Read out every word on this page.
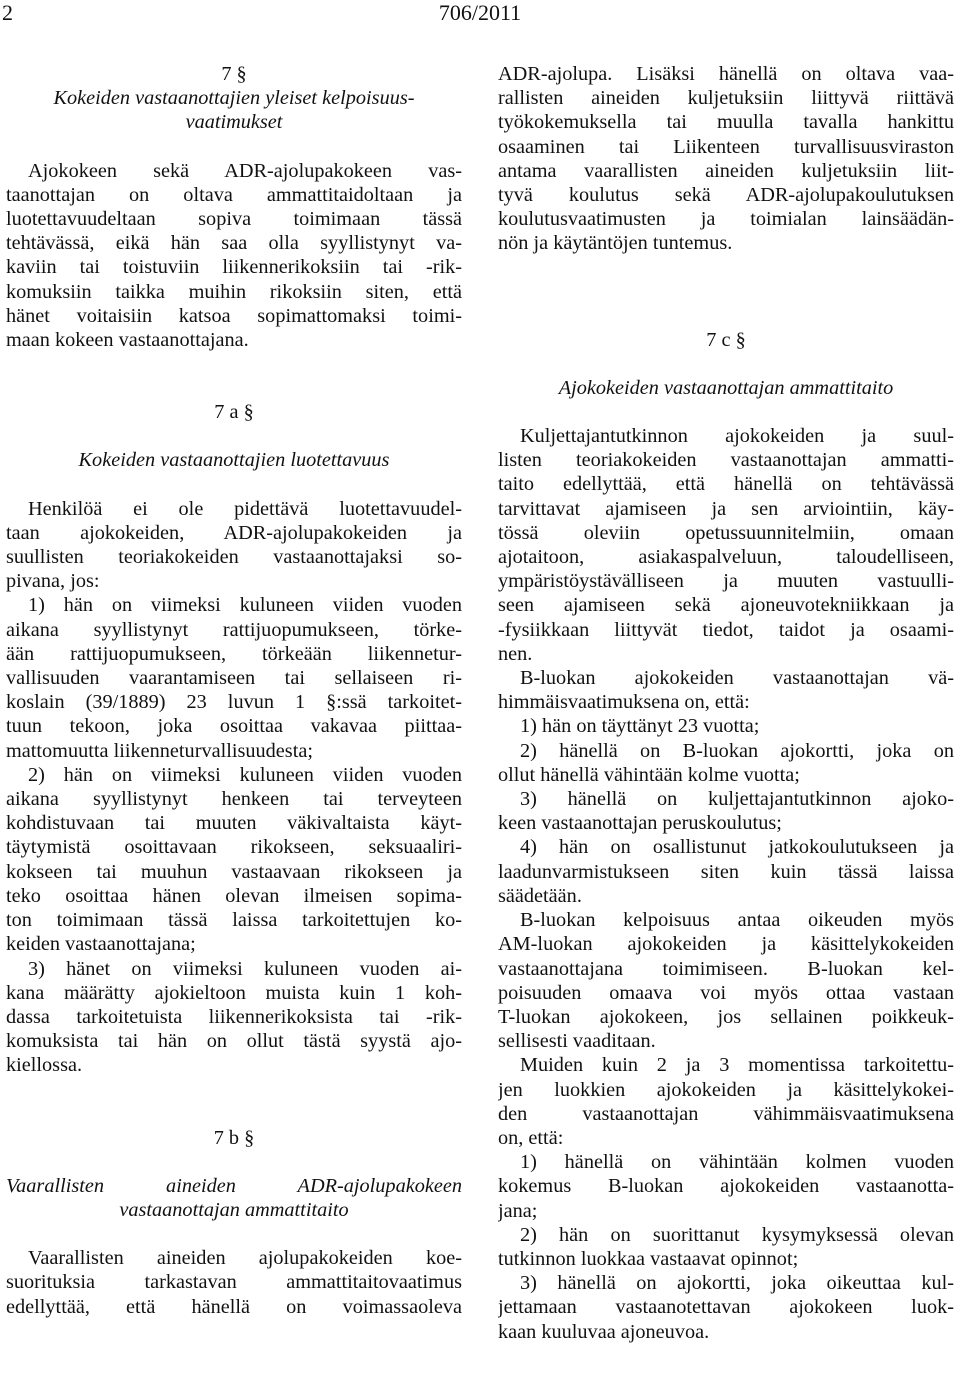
706/2011
2
7 §
Kokeiden vastaanottajien yleiset kelpoisuus-
vaatimukset
Ajokokeen sekä ADR-ajolupakokeen vas-
taanottajan on oltava ammattitaidoltaan ja
luotettavuudeltaan sopiva toimimaan tässä
tehtävässä, eikä hän saa olla syyllistynyt va-
kaviin tai toistuviin liikennerikoksiin tai -rik-
komuksiin taikka muihin rikoksiin siten, että
hänet voitaisiin katsoa sopimattomaksi toimi-
maan kokeen vastaanottajana.
7 a §
Kokeiden vastaanottajien luotettavuus
Henkilöä ei ole pidettävä luotettavuudel-
taan ajokokeiden, ADR-ajolupakokeiden ja
suullisten teoriakokeiden vastaanottajaksi so-
pivana, jos:
1) hän on viimeksi kuluneen viiden vuoden
aikana syyllistynyt rattijuopumukseen, törke-
ään rattijuopumukseen, törkeään liikennetur-
vallisuuden vaarantamiseen tai sellaiseen ri-
koslain (39/1889) 23 luvun 1 §:ssä tarkoitet-
tuun tekoon, joka osoittaa vakavaa piittaa-
mattomuutta liikenneturvallisuudesta;
2) hän on viimeksi kuluneen viiden vuoden
aikana syyllistynyt henkeen tai terveyteen
kohdistuvaan tai muuten väkivaltaista käyt-
täytymistä osoittavaan rikokseen, seksuaaliri-
kokseen tai muuhun vastaavaan rikokseen ja
teko osoittaa hänen olevan ilmeisen sopima-
ton toimimaan tässä laissa tarkoitettujen ko-
keiden vastaanottajana;
3) hänet on viimeksi kuluneen vuoden ai-
kana määrätty ajokieltoon muista kuin 1 koh-
dassa tarkoitetuista liikennerikoksista tai -rik-
komuksista tai hän on ollut tästä syystä ajo-
kiellossa.
7 b §
Vaarallisten aineiden ADR-ajolupakokeen
vastaanottajan ammattitaito
Vaarallisten aineiden ajolupakokeiden koe-
suorituksia tarkastavan ammattitaitovaatimus
edellyttää, että hänellä on voimassaoleva
ADR-ajolupa. Lisäksi hänellä on oltava vaa-
rallisten aineiden kuljetuksiin liittyvä riittävä
työkokemuksella tai muulla tavalla hankittu
osaaminen tai Liikenteen turvallisuusviraston
antama vaarallisten aineiden kuljetuksiin liit-
tyvä koulutus sekä ADR-ajolupakoulutuksen
koulutusvaatimusten ja toimialan lainsäädän-
nön ja käytäntöjen tuntemus.
7 c §
Ajokokeiden vastaanottajan ammattitaito
Kuljettajantutkinnon ajokokeiden ja suul-
listen teoriakokeiden vastaanottajan ammatti-
taito edellyttää, että hänellä on tehtävässä
tarvittavat ajamiseen ja sen arviointiin, käy-
tössä oleviin opetussuunnitelmiin, omaan
ajotaitoon, asiakaspalveluun, taloudelliseen,
ympäristöystävälliseen ja muuten vastuulli-
seen ajamiseen sekä ajoneuvotekniikkaan ja
-fysiikkaan liittyvät tiedot, taidot ja osaami-
nen.
B-luokan ajokokeiden vastaanottajan vä-
himmäisvaatimuksena on, että:
1) hän on täyttänyt 23 vuotta;
2) hänellä on B-luokan ajokortti, joka on
ollut hänellä vähintään kolme vuotta;
3) hänellä on kuljettajantutkinnon ajoko-
keen vastaanottajan peruskoulutus;
4) hän on osallistunut jatkokoulutukseen ja
laadunvarmistukseen siten kuin tässä laissa
säädetään.
B-luokan kelpoisuus antaa oikeuden myös
AM-luokan ajokokeiden ja käsittelykokeiden
vastaanottajana toimimiseen. B-luokan kel-
poisuuden omaava voi myös ottaa vastaan
T-luokan ajokokeen, jos sellainen poikkeuk-
sellisesti vaaditaan.
Muiden kuin 2 ja 3 momentissa tarkoitettu-
jen luokkien ajokokeiden ja käsittelykokei-
den vastaanottajan vähimmäisvaatimuksena
on, että:
1) hänellä on vähintään kolmen vuoden
kokemus B-luokan ajokokeiden vastaanotta-
jana;
2) hän on suorittanut kysymyksessä olevan
tutkinnon luokkaa vastaavat opinnot;
3) hänellä on ajokortti, joka oikeuttaa kul-
jettamaan vastaanotettavan ajokokeen luok-
kaan kuuluvaa ajoneuvoa.
